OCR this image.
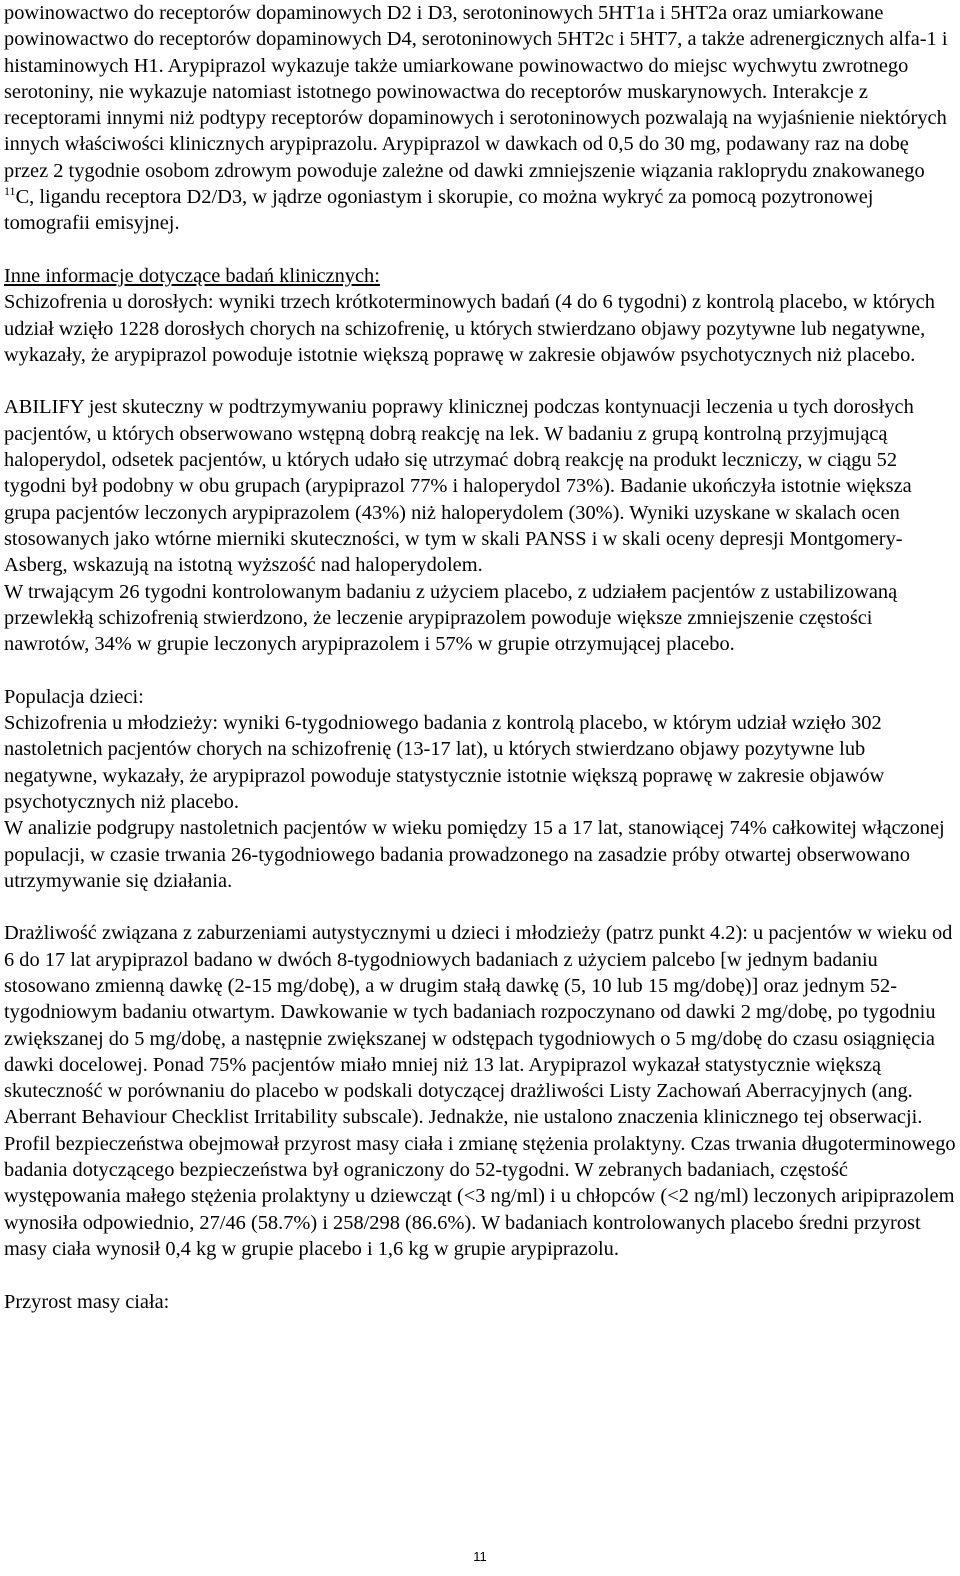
powinowactwo do receptorów dopaminowych D2 i D3, serotoninowych 5HT1a i 5HT2a oraz umiarkowane powinowactwo do receptorów dopaminowych D4, serotoninowych 5HT2c i 5HT7, a także adrenergicznych alfa-1 i histaminowych H1. Arypiprazol wykazuje także umiarkowane powinowactwo do miejsc wychwytu zwrotnego serotoniny, nie wykazuje natomiast istotnego powinowactwa do receptorów muskarynowych. Interakcje z receptorami innymi niż podtypy receptorów dopaminowych i serotoninowych pozwalają na wyjaśnienie niektórych innych właściwości klinicznych arypiprazolu. Arypiprazol w dawkach od 0,5 do 30 mg, podawany raz na dobę przez 2 tygodnie osobom zdrowym powoduje zależne od dawki zmniejszenie wiązania rakloprydu znakowanego $^{11}$C, ligandu receptora D2/D3, w jądrze ogoniastym i skorupie, co można wykryć za pomocą pozytronowej tomografii emisyjnej.

Inne informacje dotyczące badań klinicznych:

Schizofrenia u dorosłych: wyniki trzech krótkoterminowych badań (4 do 6 tygodni) z kontrolą placebo, w których udział wzięło 1228 dorosłych chorych na schizofrenię, u których stwierdzano objawy pozytywne lub negatywne, wykazały, że arypiprazol powoduje istotnie większą poprawę w zakresie objawów psychotycznych niż placebo.

ABILIFY jest skuteczny w podtrzymywaniu poprawy klinicznej podczas kontynuacji leczenia u tych dorosłych pacjentów, u których obserwowano wstępną dobrą reakcję na lek. W badaniu z grupą kontrolną przyjmującą haloperydol, odsetek pacjentów, u których udało się utrzymać dobrą reakcję na produkt leczniczy, w ciągu 52 tygodni był podobny w obu grupach (arypiprazol 77% i haloperydol 73%). Badanie ukończyła istotnie większa grupa pacjentów leczonych arypiprazolem (43%) niż haloperydolem (30%). Wyniki uzyskane w skalach ocen stosowanych jako wtórne mierniki skuteczności, w tym w skali PANSS i w skali oceny depresji Montgomery-Asberg, wskazują na istotną wyższość nad haloperydolem.

W trwającym 26 tygodni kontrolowanym badaniu z użyciem placebo, z udziałem pacjentów z ustabilizowaną przewlekłą schizofrenią stwierdzono, że leczenie arypiprazolem powoduje większe zmniejszenie częstości nawrotów, 34% w grupie leczonych arypiprazolem i 57% w grupie otrzymującej placebo.

Populacja dzieci:

Schizofrenia u młodzieży: wyniki 6-tygodniowego badania z kontrolą placebo, w którym udział wzięło 302 nastoletnich pacjentów chorych na schizofrenię (13-17 lat), u których stwierdzano objawy pozytywne lub negatywne, wykazały, że arypiprazol powoduje statystycznie istotnie większą poprawę w zakresie objawów psychotycznych niż placebo.

W analizie podgrupy nastoletnich pacjentów w wieku pomiędzy 15 a 17 lat, stanowiącej 74% całkowitej włączonej populacji, w czasie trwania 26-tygodniowego badania prowadzonego na zasadzie próby otwartej obserwowano utrzymywanie się działania.

Drażliwość związana z zaburzeniami autystycznymi u dzieci i młodzieży (patrz punkt 4.2): u pacjentów w wieku od 6 do 17 lat arypiprazol badano w dwóch 8-tygodniowych badaniach z użyciem palcebo [w jednym badaniu stosowano zmienną dawkę (2-15 mg/dobę), a w drugim stałą dawkę (5, 10 lub 15 mg/dobę)] oraz jednym 52-tygodniowym badaniu otwartym. Dawkowanie w tych badaniach rozpoczynano od dawki 2 mg/dobę, po tygodniu zwiększanej do 5 mg/dobę, a następnie zwiększanej w odstępach tygodniowych o 5 mg/dobę do czasu osiągnięcia dawki docelowej. Ponad 75% pacjentów miało mniej niż 13 lat. Arypiprazol wykazał statystycznie większą skuteczność w porównaniu do placebo w podskali dotyczącej drażliwości Listy Zachowań Aberracyjnych (ang. Aberrant Behaviour Checklist Irritability subscale). Jednakże, nie ustalono znaczenia klinicznego tej obserwacji. Profil bezpieczeństwa obejmował przyrost masy ciała i zmianę stężenia prolaktyny. Czas trwania długoterminowego badania dotyczącego bezpieczeństwa był ograniczony do 52-tygodni. W zebranych badaniach, częstość występowania małego stężenia prolaktyny u dziewcząt (<3 ng/ml) i u chłopców (<2 ng/ml) leczonych aripiprazolem wynosiła odpowiednio, 27/46 (58.7%) i 258/298 (86.6%). W badaniach kontrolowanych placebo średni przyrost masy ciała wynosił 0,4 kg w grupie placebo i 1,6 kg w grupie arypiprazolu.

Przyrost masy ciała:

11
